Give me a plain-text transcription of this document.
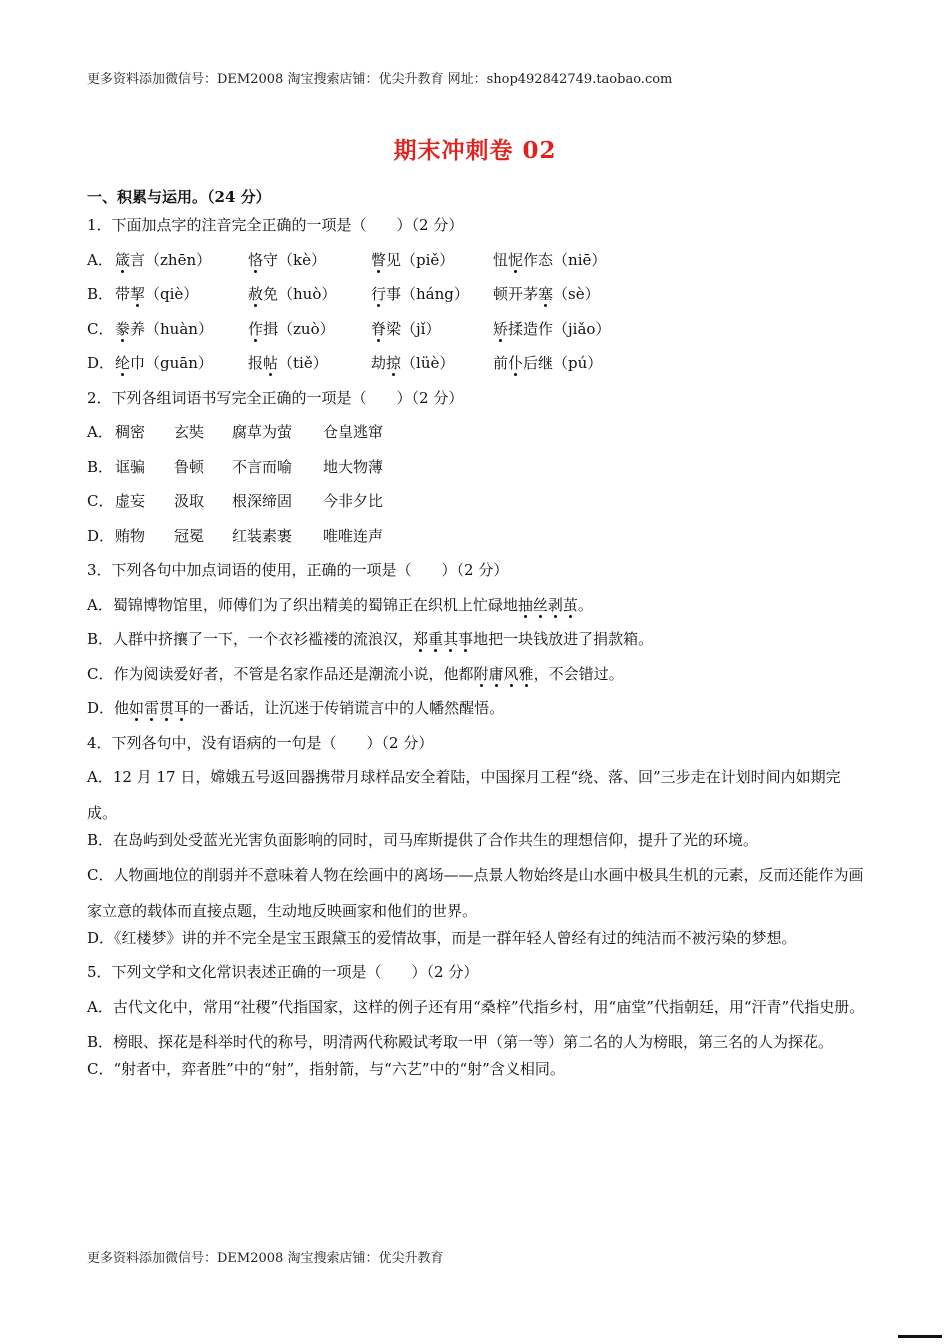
更多资料添加微信号：DEM2008 淘宝搜索店铺：优尖升教育 网址：shop492842749.taobao.com
期末冲刺卷 02
一、积累与运用。（24 分）
1．下面加点字的注音完全正确的一项是（　　）（2 分）
A． 箴言（zhēn）	恪守（kè）	瞥见（piě）	忸怩作态（niē）
B． 带挈（qiè）	赦免（huò）	行事（háng）	顿开茅塞（sè）
C． 豢养（huàn）	作揖（zuò）	脊梁（jǐ）	矫揉造作（jiǎo）
D． 纶巾（guān）	报帖（tiě）	劫掠（lüè）	前仆后继（pú）
2．下列各组词语书写完全正确的一项是（　　）（2 分）
A． 稠密	玄奘	腐草为萤	仓皇逃窜
B． 诓骗	鲁顿	不言而喻	地大物薄
C． 虚妄	汲取	根深缔固	今非夕比
D． 贿物	冠冕	红装素裹	唯唯连声
3．下列各句中加点词语的使用，正确的一项是（　　）（2 分）
A．蜀锦博物馆里，师傅们为了织出精美的蜀锦正在织机上忙碌地抽丝剥茧。
B．人群中挤攘了一下，一个衣衫褴褛的流浪汉，郑重其事地把一块钱放进了捐款箱。
C．作为阅读爱好者，不管是名家作品还是潮流小说，他都附庸风雅，不会错过。
D．他如雷贯耳的一番话，让沉迷于传销谎言中的人幡然醒悟。
4．下列各句中，没有语病的一句是（　　）（2 分）
A．12 月 17 日，嫦娥五号返回器携带月球样品安全着陆，中国探月工程“绕、落、回”三步走在计划时间内如期完成。
B．在岛屿到处受蓝光光害负面影响的同时，司马库斯提供了合作共生的理想信仰，提升了光的环境。
C．人物画地位的削弱并不意味着人物在绘画中的离场——点景人物始终是山水画中极具生机的元素，反而还能作为画家立意的载体而直接点题，生动地反映画家和他们的世界。
D．《红楼梦》讲的并不完全是宝玉跟黛玉的爱情故事，而是一群年轻人曾经有过的纯洁而不被污染的梦想。
5．下列文学和文化常识表述正确的一项是（　　）（2 分）
A．古代文化中，常用“社稷”代指国家，这样的例子还有用“桑梓”代指乡村，用“庙堂”代指朝廷，用“汗青”代指史册。
B．榜眼、探花是科举时代的称号，明清两代称殿试考取一甲（第一等）第二名的人为榜眼，第三名的人为探花。
C．“射者中，弈者胜”中的“射”，指射箭，与“六艺”中的“射”含义相同。
更多资料添加微信号：DEM2008 淘宝搜索店铺：优尖升教育
